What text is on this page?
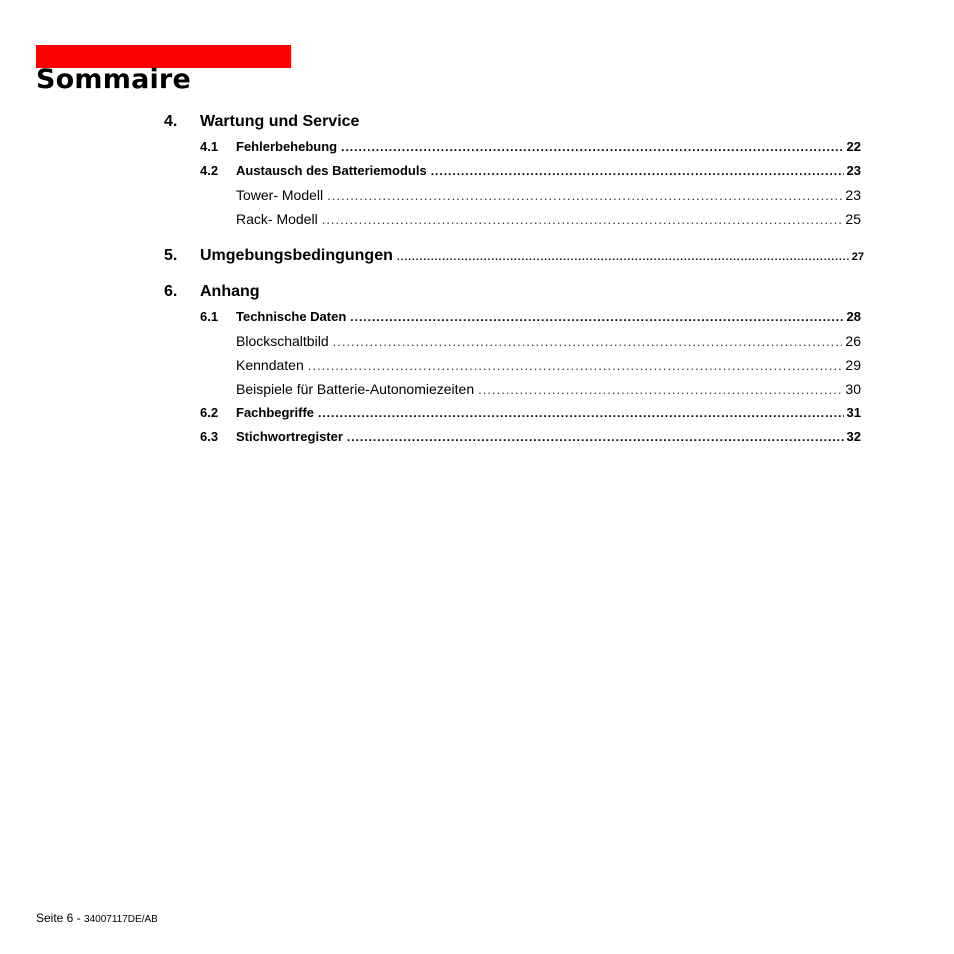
Sommaire
4. Wartung und Service
4.1 Fehlerbehebung .....	22
4.2 Austausch des Batteriemoduls .....	23
Tower- Modell .....	23
Rack- Modell .....	25
5. Umgebungsbedingungen .....	27
6. Anhang
6.1 Technische Daten .....	28
Blockschaltbild .....	26
Kenndaten .....	29
Beispiele für Batterie-Autonomiezeiten .....	30
6.2 Fachbegriffe .....	31
6.3 Stichwortregister .....	32
Seite 6 - 34007117DE/AB
